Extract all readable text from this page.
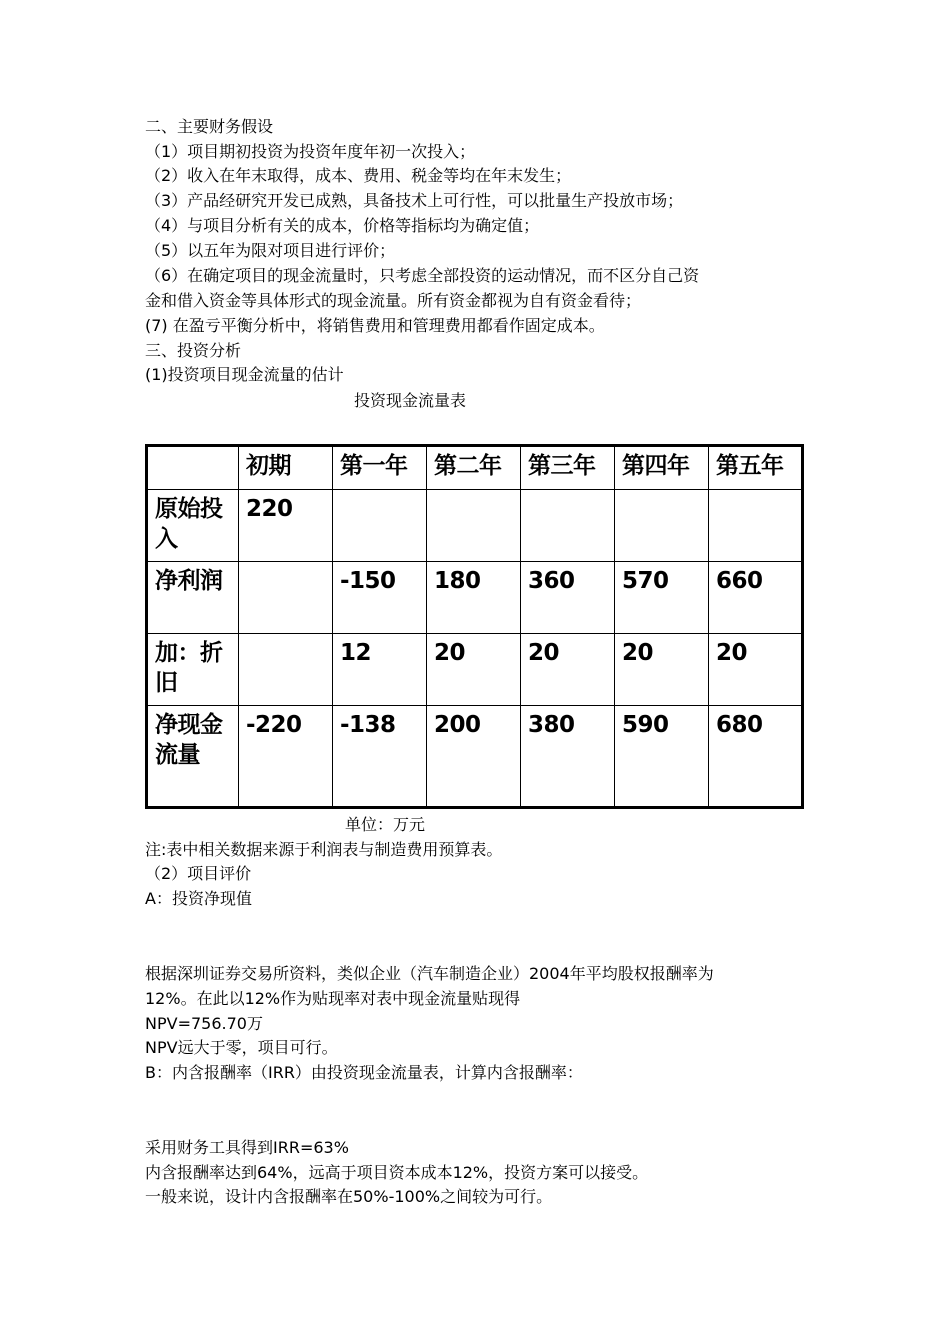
二、主要财务假设
（1）项目期初投资为投资年度年初一次投入；
（2）收入在年末取得，成本、费用、税金等均在年末发生；
（3）产品经研究开发已成熟，具备技术上可行性，可以批量生产投放市场；
（4）与项目分析有关的成本，价格等指标均为确定值；
（5）以五年为限对项目进行评价；
（6）在确定项目的现金流量时，只考虑全部投资的运动情况，而不区分自己资
金和借入资金等具体形式的现金流量。所有资金都视为自有资金看待；
(7) 在盈亏平衡分析中，将销售费用和管理费用都看作固定成本。
三、投资分析
(1)投资项目现金流量的估计
投资现金流量表
	初期	第一年	第二年	第三年	第四年	第五年
原始投入	220					
净利润		-150	180	360	570	660
加：折旧		12	20	20	20	20
净现金流量	-220	-138	200	380	590	680
单位：万元
注:表中相关数据来源于利润表与制造费用预算表。
（2）项目评价
A：投资净现值
根据深圳证券交易所资料，类似企业（汽车制造企业）2004年平均股权报酬率为
12%。在此以12%作为贴现率对表中现金流量贴现得
NPV=756.70万
NPV远大于零，项目可行。
B：内含报酬率（IRR）由投资现金流量表，计算内含报酬率：
采用财务工具得到IRR=63%
内含报酬率达到64%，远高于项目资本成本12%，投资方案可以接受。
一般来说，设计内含报酬率在50%-100%之间较为可行。
